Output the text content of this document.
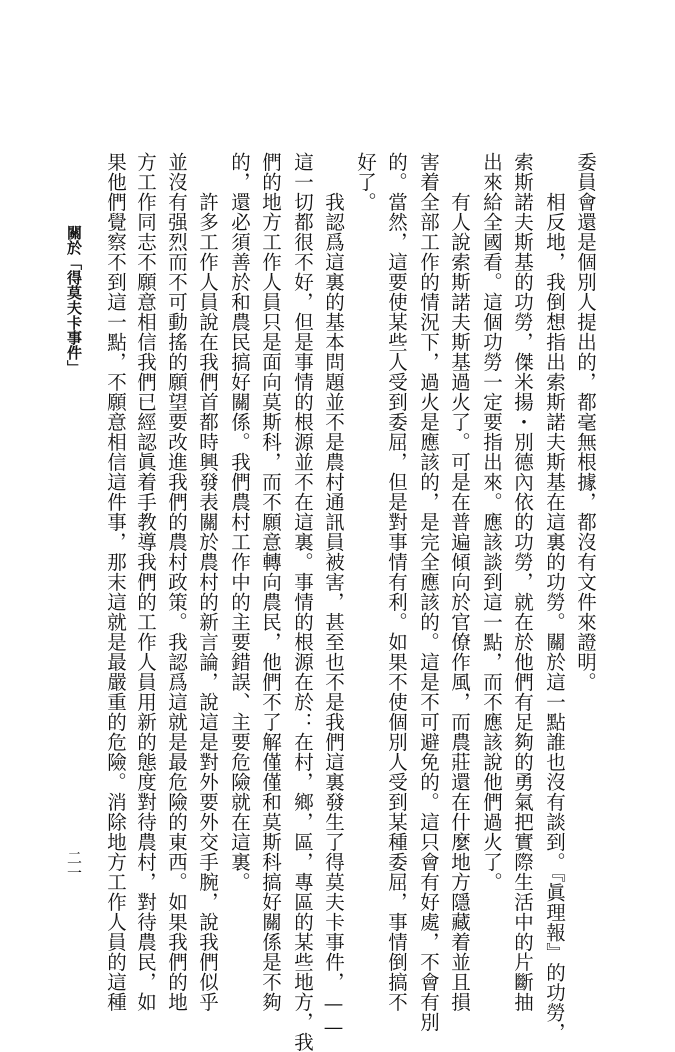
委員會還是個別人提出的，都毫無根據，都沒有文件來證明。
相反地，我倒想指出索斯諾夫斯基在這裏的功勞。關於這一點誰也沒有談到。『眞理報』的功勞，
索斯諾夫斯基的功勞，傑米揚・別德內依的功勞，就在於他們有足夠的勇氣把實際生活中的片斷抽
出來給全國看。這個功勞一定要指出來。應該談到這一點，而不應該說他們過火了。
有人說索斯諾夫斯基過火了。可是在普遍傾向於官僚作風，而農莊還在什麼地方隱藏着並且損
害着全部工作的情況下，過火是應該的，是完全應該的。這是不可避免的。這只會有好處，不會有別
的。當然，這要使某些人受到委屈，但是對事情有利。如果不使個別人受到某種委屈，事情倒搞不
好了。
我認爲這裏的基本問題並不是農村通訊員被害，甚至也不是我們這裏發生了得莫夫卡事件，——
這一切都很不好，但是事情的根源並不在這裏。事情的根源在於：在村，鄉，區，專區的某些地方，我
們的地方工作人員只是面向莫斯科，而不願意轉向農民，他們不了解僅僅和莫斯科搞好關係是不夠
的，還必須善於和農民搞好關係。我們農村工作中的主要錯誤、主要危險就在這裏。
許多工作人員說在我們首都時興發表關於農村的新言論，說這是對外要外交手腕，說我們似乎
並沒有强烈而不可動搖的願望要改進我們的農村政策。我認爲這就是最危險的東西。如果我們的地
方工作同志不願意相信我們已經認眞着手教導我們的工作人員用新的態度對待農村，對待農民，如
果他們覺察不到這一點，不願意相信這件事，那末這就是最嚴重的危險。消除地方工作人員的這種
關於「得莫夫卡事件」
二一
